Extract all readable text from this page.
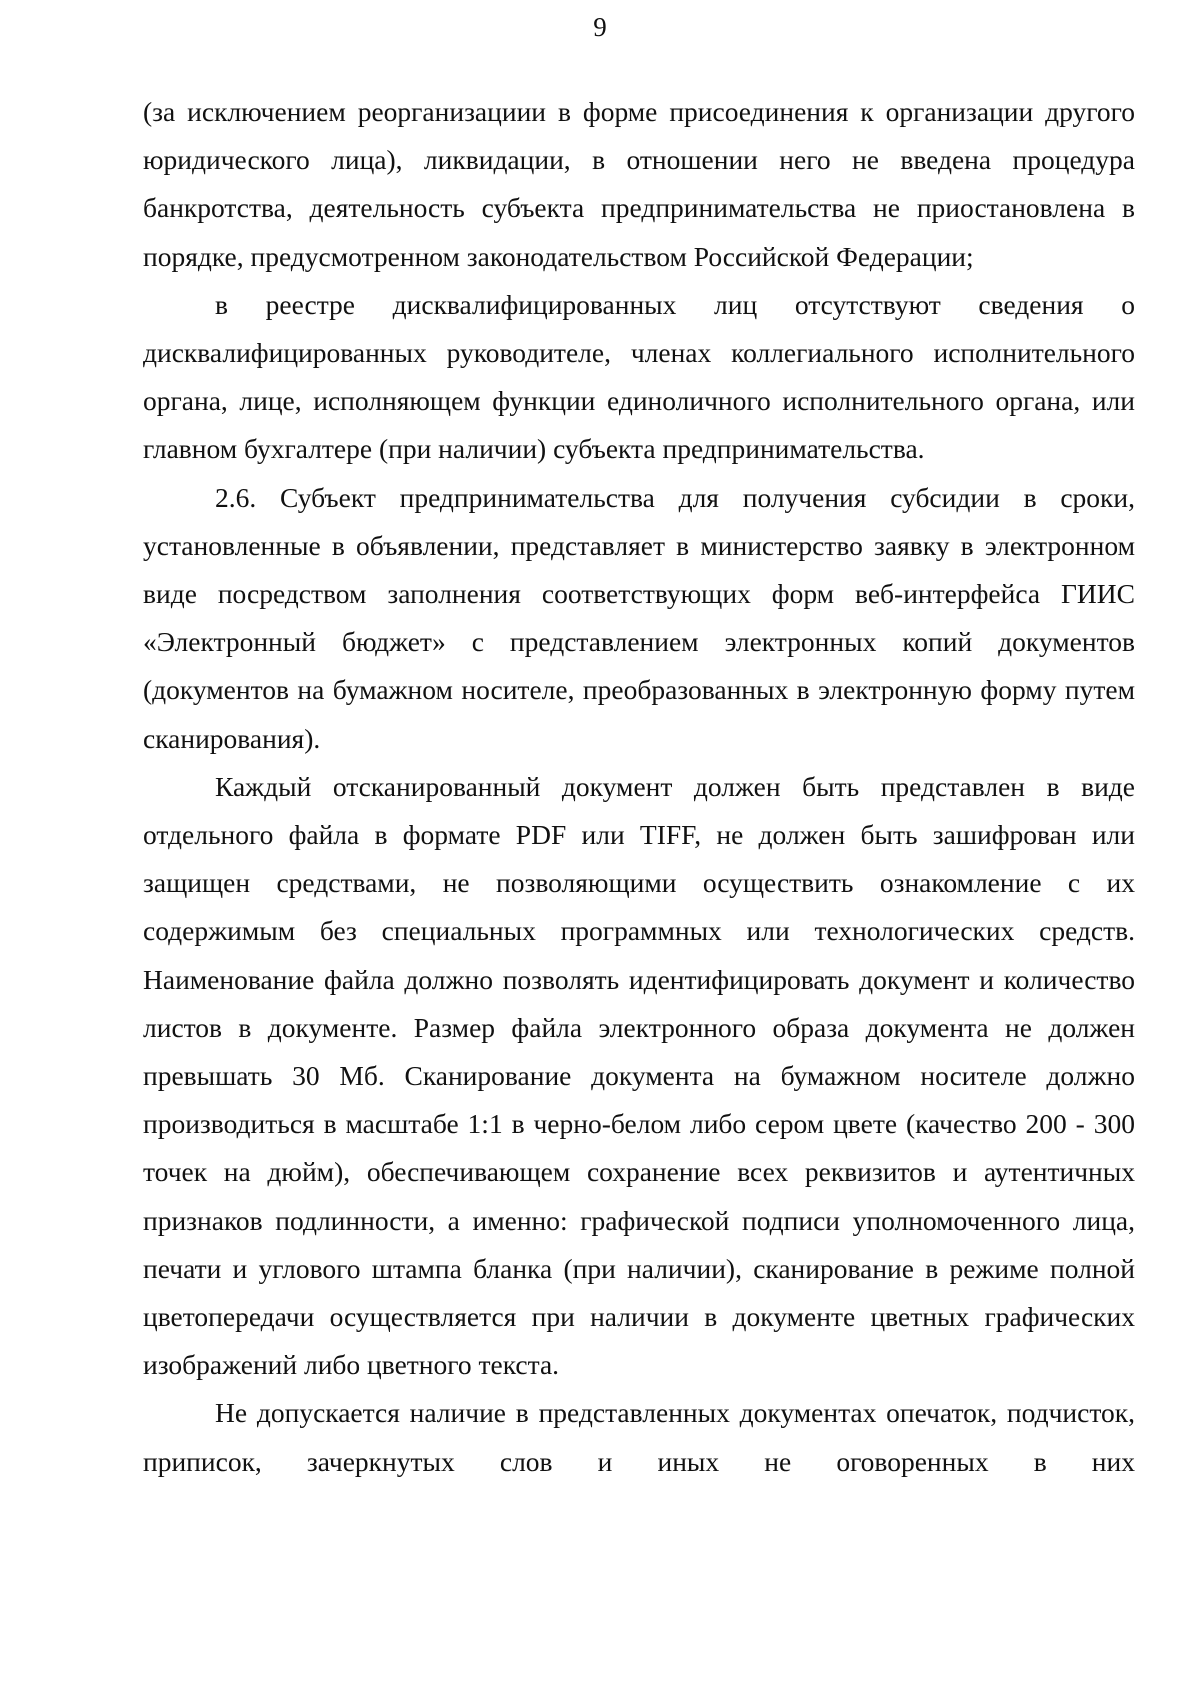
9

(за исключением реорганизациии в форме присоединения к организации другого юридического лица), ликвидации, в отношении него не введена процедура банкротства, деятельность субъекта предпринимательства не приостановлена в порядке, предусмотренном законодательством Российской Федерации;

в реестре дисквалифицированных лиц отсутствуют сведения о дисквалифицированных руководителе, членах коллегиального исполнительного органа, лице, исполняющем функции единоличного исполнительного органа, или главном бухгалтере (при наличии) субъекта предпринимательства.

2.6. Субъект предпринимательства для получения субсидии в сроки, установленные в объявлении, представляет в министерство заявку в электронном виде посредством заполнения соответствующих форм веб-интерфейса ГИИС «Электронный бюджет» с представлением электронных копий документов (документов на бумажном носителе, преобразованных в электронную форму путем сканирования).

Каждый отсканированный документ должен быть представлен в виде отдельного файла в формате PDF или TIFF, не должен быть зашифрован или защищен средствами, не позволяющими осуществить ознакомление с их содержимым без специальных программных или технологических средств. Наименование файла должно позволять идентифицировать документ и количество листов в документе. Размер файла электронного образа документа не должен превышать 30 Мб. Сканирование документа на бумажном носителе должно производиться в масштабе 1:1 в черно-белом либо сером цвете (качество 200 - 300 точек на дюйм), обеспечивающем сохранение всех реквизитов и аутентичных признаков подлинности, а именно: графической подписи уполномоченного лица, печати и углового штампа бланка (при наличии), сканирование в режиме полной цветопередачи осуществляется при наличии в документе цветных графических изображений либо цветного текста.

Не допускается наличие в представленных документах опечаток, подчисток, приписок, зачеркнутых слов и иных не оговоренных в них
